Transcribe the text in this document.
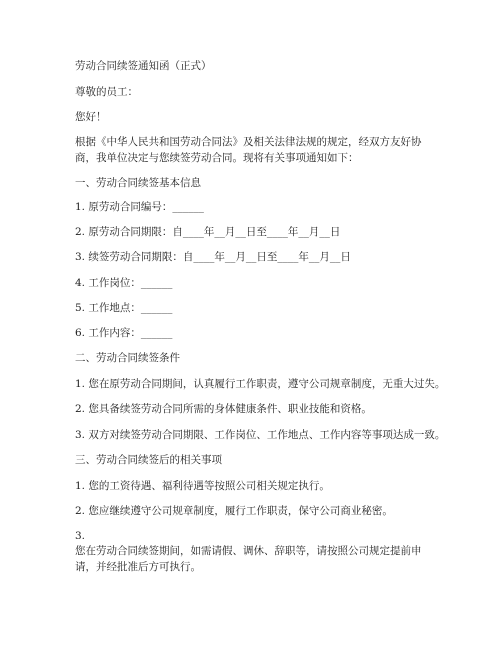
劳动合同续签通知函（正式）
尊敬的员工：
您好！
根据《中华人民共和国劳动合同法》及相关法律法规的规定，经双方友好协商，我单位决定与您续签劳动合同。现将有关事项通知如下：
一、劳动合同续签基本信息
1. 原劳动合同编号：______
2. 原劳动合同期限：自____年__月__日至____年__月__日
3. 续签劳动合同期限：自____年__月__日至____年__月__日
4. 工作岗位：______
5. 工作地点：______
6. 工作内容：______
二、劳动合同续签条件
1. 您在原劳动合同期间，认真履行工作职责，遵守公司规章制度，无重大过失。
2. 您具备续签劳动合同所需的身体健康条件、职业技能和资格。
3. 双方对续签劳动合同期限、工作岗位、工作地点、工作内容等事项达成一致。
三、劳动合同续签后的相关事项
1. 您的工资待遇、福利待遇等按照公司相关规定执行。
2. 您应继续遵守公司规章制度，履行工作职责，保守公司商业秘密。
3.
您在劳动合同续签期间，如需请假、调休、辞职等，请按照公司规定提前申请，并经批准后方可执行。
